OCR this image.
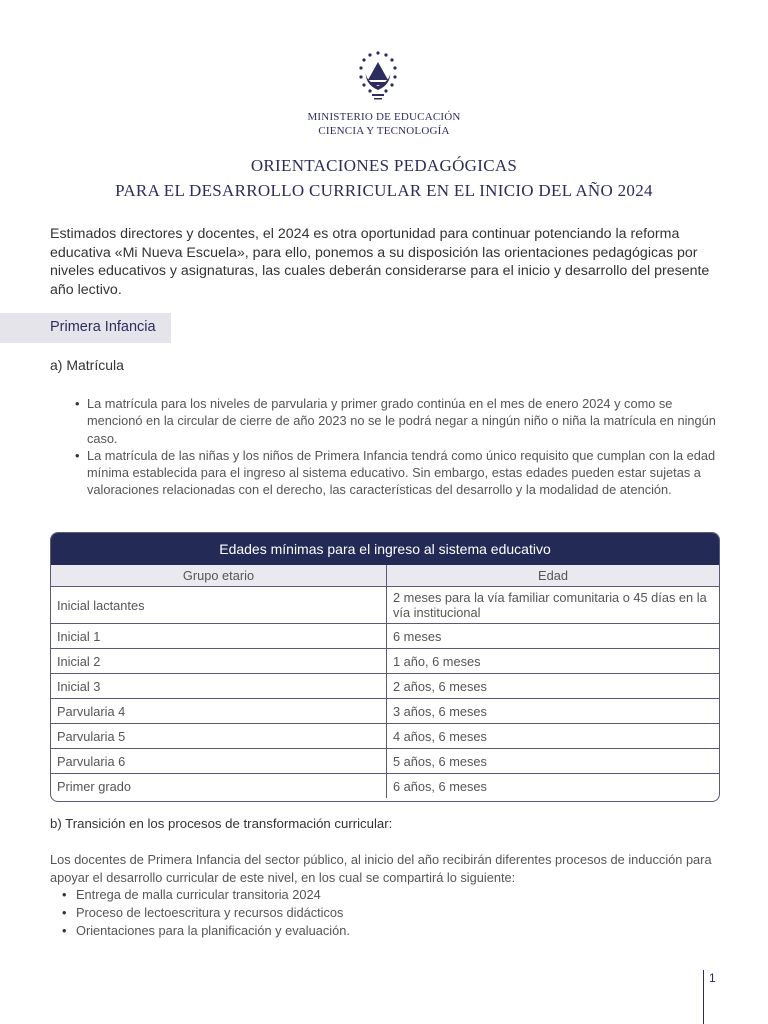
MINISTERIO DE EDUCACIÓN
CIENCIA Y TECNOLOGÍA
ORIENTACIONES PEDAGÓGICAS
PARA EL DESARROLLO CURRICULAR EN EL INICIO DEL AÑO 2024

Estimados directores y docentes, el 2024 es otra oportunidad para continuar potenciando la reforma educativa «Mi Nueva Escuela», para ello, ponemos a su disposición las orientaciones pedagógicas por niveles educativos y asignaturas, las cuales deberán considerarse para el inicio y desarrollo del presente año lectivo.

Primera Infancia
a) Matrícula
• La matrícula para los niveles de parvularia y primer grado continúa en el mes de enero 2024 y como se mencionó en la circular de cierre de año 2023 no se le podrá negar a ningún niño o niña la matrícula en ningún caso.
• La matrícula de las niñas y los niños de Primera Infancia tendrá como único requisito que cumplan con la edad mínima establecida para el ingreso al sistema educativo. Sin embargo, estas edades pueden estar sujetas a valoraciones relacionadas con el derecho, las características del desarrollo y la modalidad de atención.
Edades mínimas para el ingreso al sistema educativo
Grupo etario	Edad
Inicial lactantes	2 meses para la vía familiar comunitaria o 45 días en la vía institucional
Inicial 1	6 meses
Inicial 2	1 año, 6 meses
Inicial 3	2 años, 6 meses
Parvularia 4	3 años, 6 meses
Parvularia 5	4 años, 6 meses
Parvularia 6	5 años, 6 meses
Primer grado	6 años, 6 meses
b) Transición en los procesos de transformación curricular:

Los docentes de Primera Infancia del sector público, al inicio del año recibirán diferentes procesos de inducción para apoyar el desarrollo curricular de este nivel, en los cual se compartirá lo siguiente:

• Entrega de malla curricular transitoria 2024
• Proceso de lectoescritura y recursos didácticos
• Orientaciones para la planificación y evaluación.
1
